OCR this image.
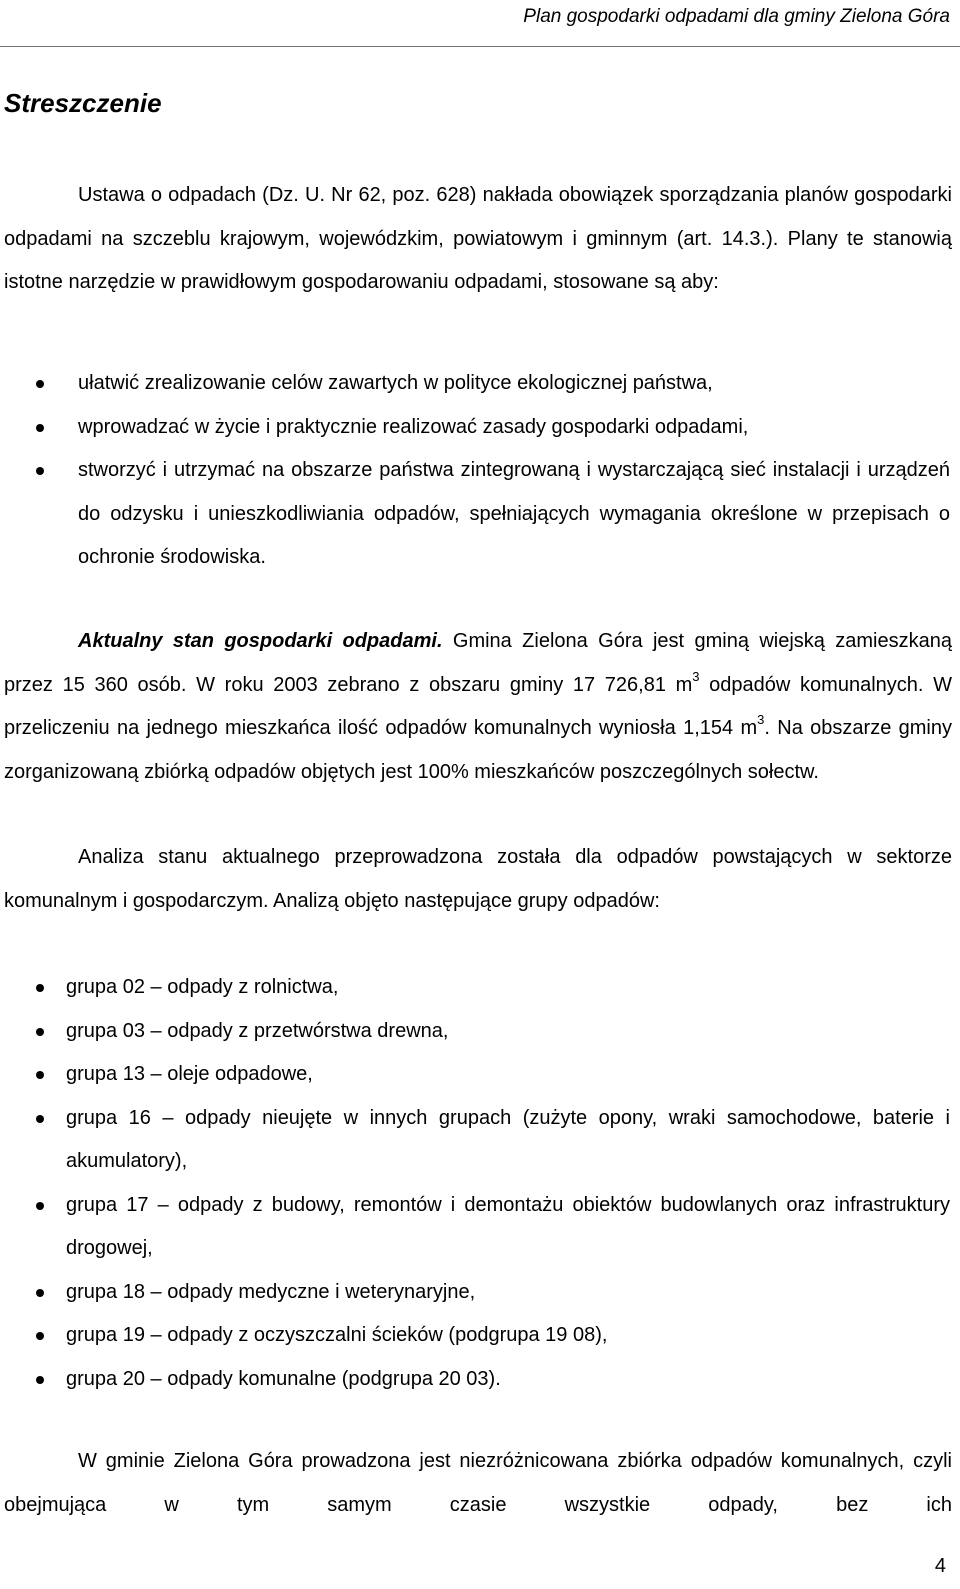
Plan gospodarki odpadami dla gminy Zielona Góra
Streszczenie
Ustawa o odpadach (Dz. U. Nr 62, poz. 628) nakłada obowiązek sporządzania planów gospodarki odpadami na szczeblu krajowym, wojewódzkim, powiatowym i gminnym (art. 14.3.). Plany te stanowią istotne narzędzie w prawidłowym gospodarowaniu odpadami, stosowane są aby:
ułatwić zrealizowanie celów zawartych w polityce ekologicznej państwa,
wprowadzać w życie i praktycznie realizować zasady gospodarki odpadami,
stworzyć i utrzymać na obszarze państwa zintegrowaną i wystarczającą sieć instalacji i urządzeń do odzysku i unieszkodliwiania odpadów, spełniających wymagania określone w przepisach o ochronie środowiska.
Aktualny stan gospodarki odpadami. Gmina Zielona Góra jest gminą wiejską zamieszkaną przez 15 360 osób. W roku 2003 zebrano z obszaru gminy 17 726,81 $m^3$ odpadów komunalnych. W przeliczeniu na jednego mieszkańca ilość odpadów komunalnych wyniosła 1,154 $m^3$. Na obszarze gminy zorganizowaną zbiórką odpadów objętych jest 100% mieszkańców poszczególnych sołectw.
Analiza stanu aktualnego przeprowadzona została dla odpadów powstających w sektorze komunalnym i gospodarczym. Analizą objęto następujące grupy odpadów:
grupa 02 – odpady z rolnictwa,
grupa 03 – odpady z przetwórstwa drewna,
grupa 13 – oleje odpadowe,
grupa 16 – odpady nieujęte w innych grupach (zużyte opony, wraki samochodowe, baterie i akumulatory),
grupa 17 – odpady z budowy, remontów i demontażu obiektów budowlanych oraz infrastruktury drogowej,
grupa 18 – odpady medyczne i weterynaryjne,
grupa 19 – odpady z oczyszczalni ścieków (podgrupa 19 08),
grupa 20 – odpady komunalne (podgrupa 20 03).
W gminie Zielona Góra prowadzona jest niezróżnicowana zbiórka odpadów komunalnych, czyli obejmująca w tym samym czasie wszystkie odpady, bez ich
4
